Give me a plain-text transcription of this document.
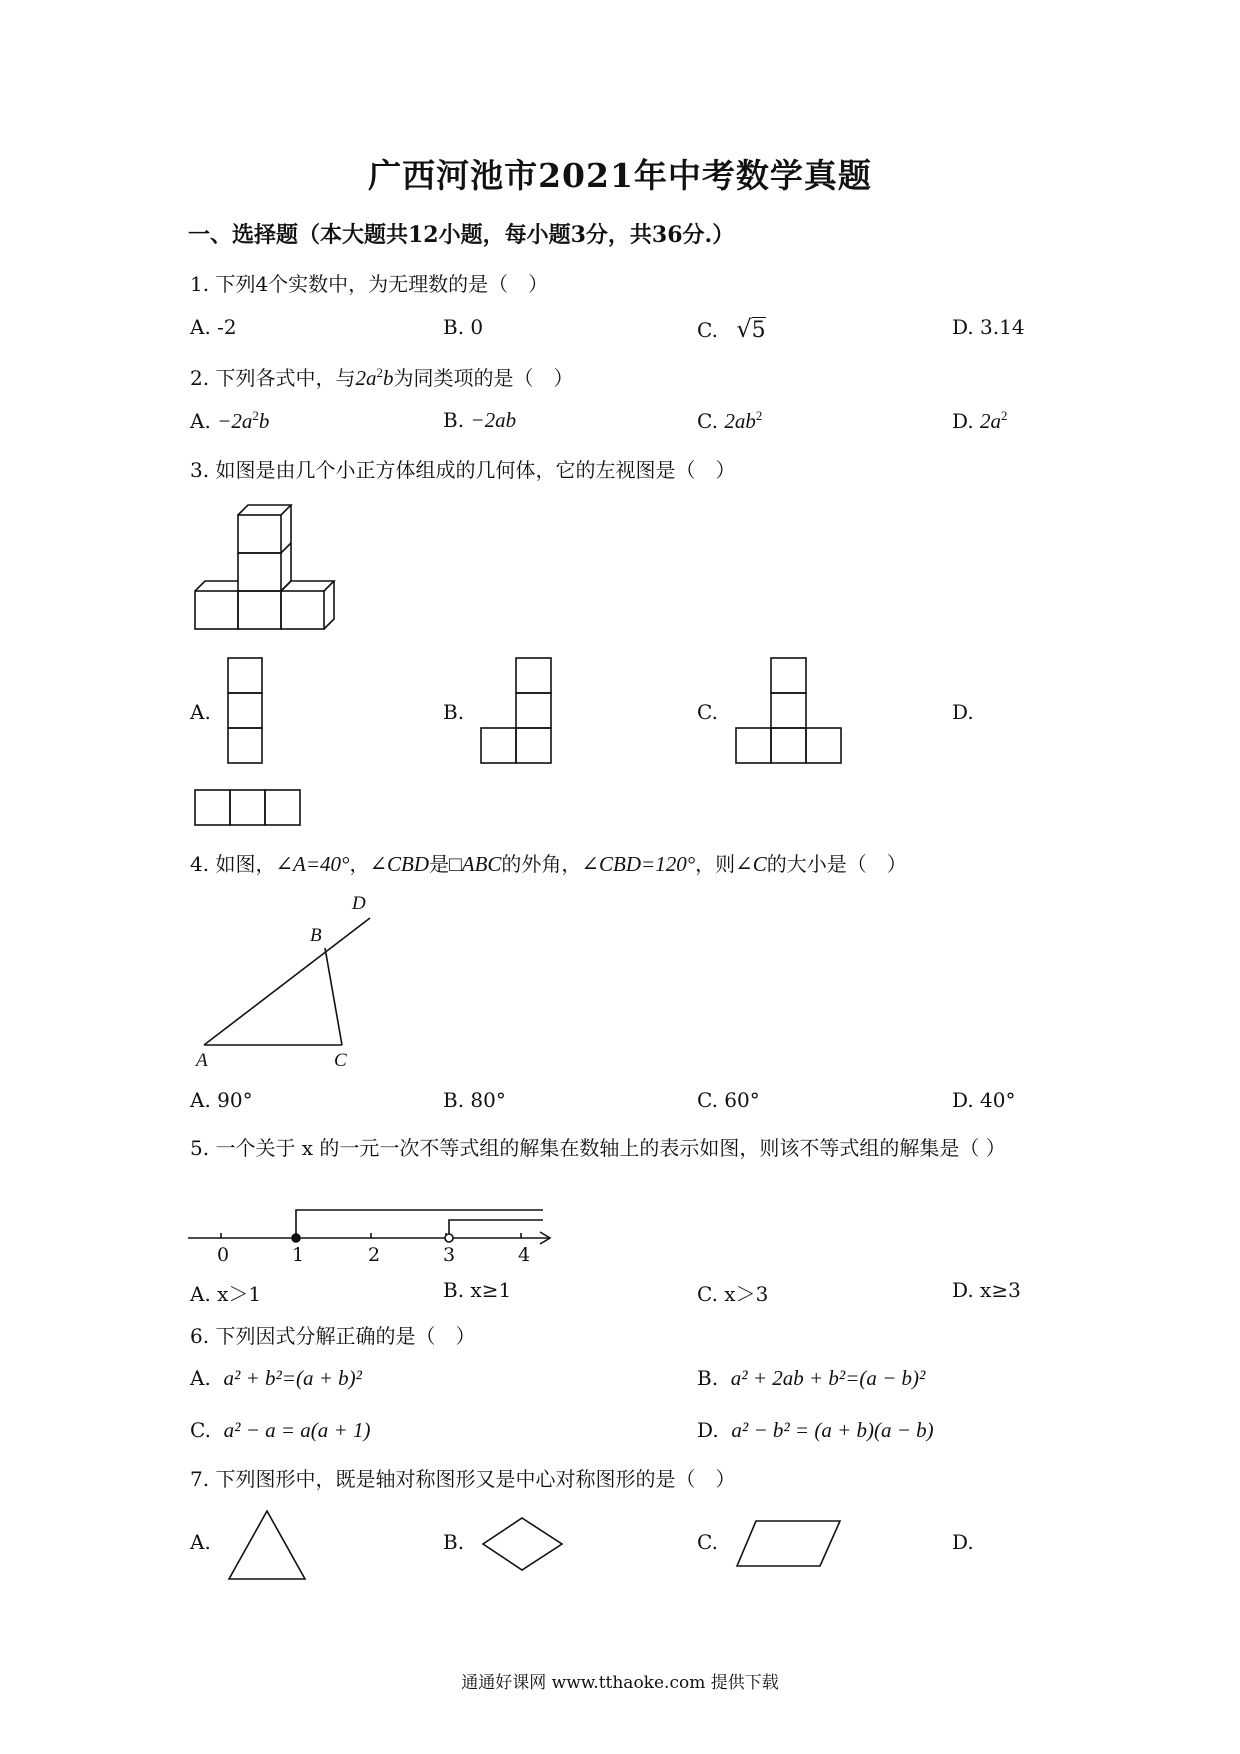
广西河池市2021年中考数学真题
一、选择题（本大题共12小题，每小题3分，共36分.）
1. 下列4个实数中，为无理数的是（　）
A. -2	B. 0	C. √5	D. 3.14
2. 下列各式中，与$2a^2b$为同类项的是（　）
A. $-2a^2b$	B. −2ab	C. $2ab^2$	D. $2a^2$
3. 如图是由几个小正方体组成的几何体，它的左视图是（　）
A.	B.	C.	D.
4. 如图，∠A=40°，∠CBD是□ABC的外角，∠CBD=120°，则∠C的大小是（　）
A
B
C
D
A. 90°	B. 80°	C. 60°	D. 40°
5. 一个关于 x 的一元一次不等式组的解集在数轴上的表示如图，则该不等式组的解集是（ ）
0	1	2	3	4
A. x＞1	B. x≥1	C. x＞3	D. x≥3
6. 下列因式分解正确的是（　）
A. a² + b²=(a + b)²	B. a² + 2ab + b²=(a − b)²
C. a² − a = a(a + 1)	D. a² − b² = (a + b)(a − b)
7. 下列图形中，既是轴对称图形又是中心对称图形的是（　）
A.	B.	C.	D.
通通好课网 www.tthaoke.com 提供下载
